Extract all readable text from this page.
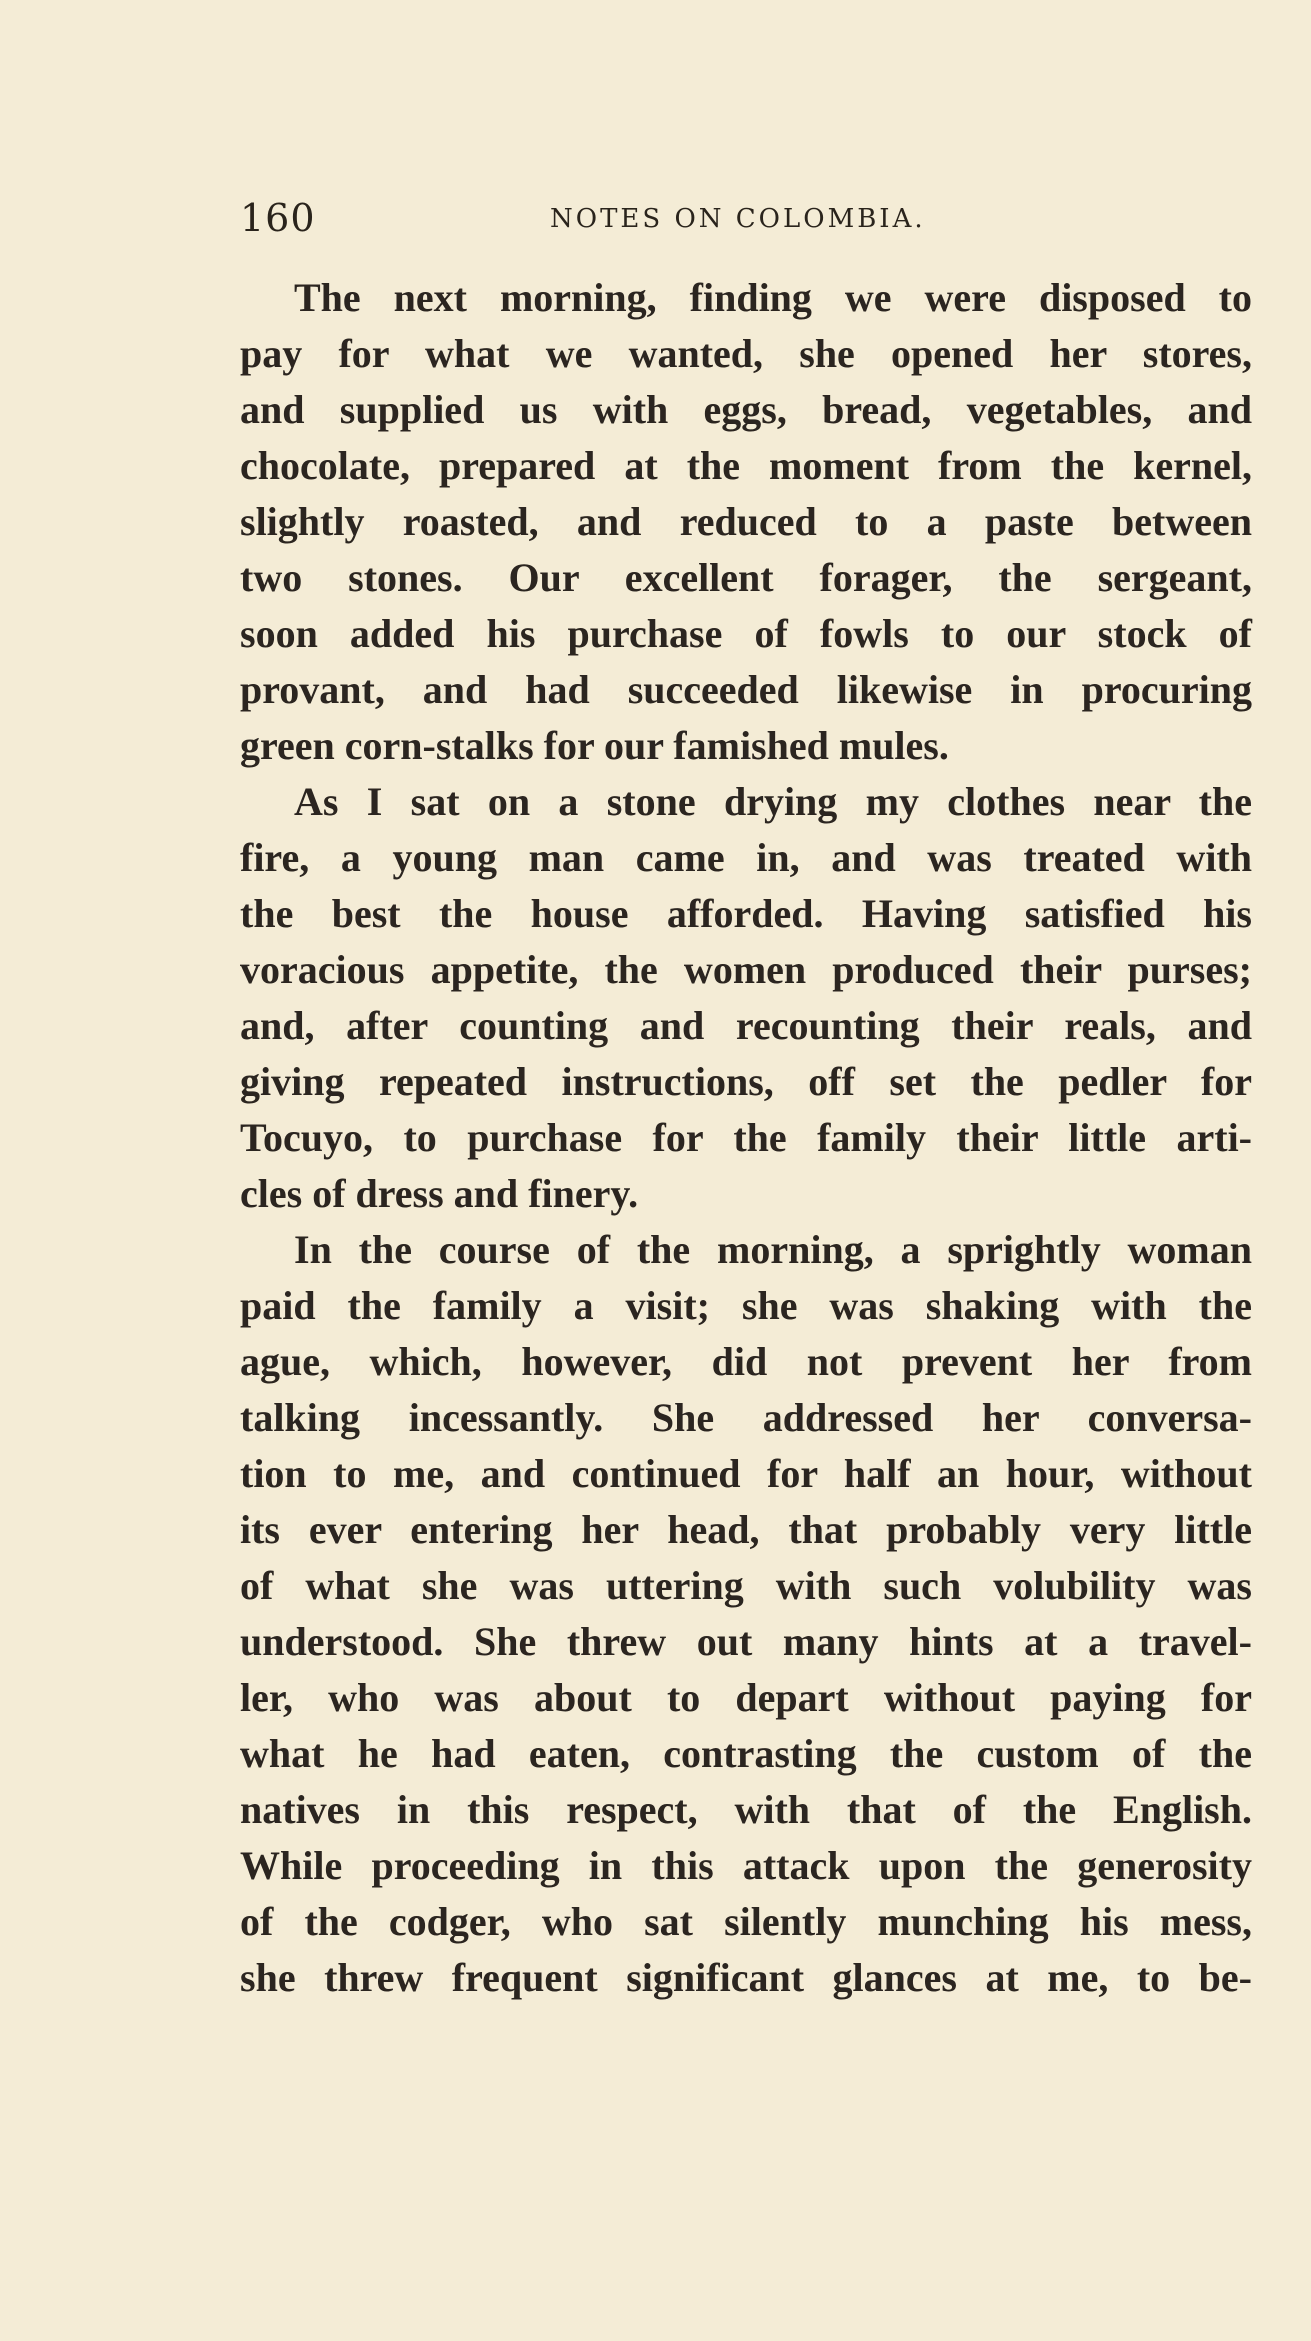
160	NOTES ON COLOMBIA.
The next morning, finding we were disposed to
pay for what we wanted, she opened her stores,
and supplied us with eggs, bread, vegetables, and
chocolate, prepared at the moment from the kernel,
slightly roasted, and reduced to a paste between
two stones. Our excellent forager, the sergeant,
soon added his purchase of fowls to our stock of
provant, and had succeeded likewise in procuring
green corn-stalks for our famished mules.
As I sat on a stone drying my clothes near the
fire, a young man came in, and was treated with
the best the house afforded. Having satisfied his
voracious appetite, the women produced their purses;
and, after counting and recounting their reals, and
giving repeated instructions, off set the pedler for
Tocuyo, to purchase for the family their little arti-
cles of dress and finery.
In the course of the morning, a sprightly woman
paid the family a visit; she was shaking with the
ague, which, however, did not prevent her from
talking incessantly. She addressed her conversa-
tion to me, and continued for half an hour, without
its ever entering her head, that probably very little
of what she was uttering with such volubility was
understood. She threw out many hints at a travel-
ler, who was about to depart without paying for
what he had eaten, contrasting the custom of the
natives in this respect, with that of the English.
While proceeding in this attack upon the generosity
of the codger, who sat silently munching his mess,
she threw frequent significant glances at me, to be-
